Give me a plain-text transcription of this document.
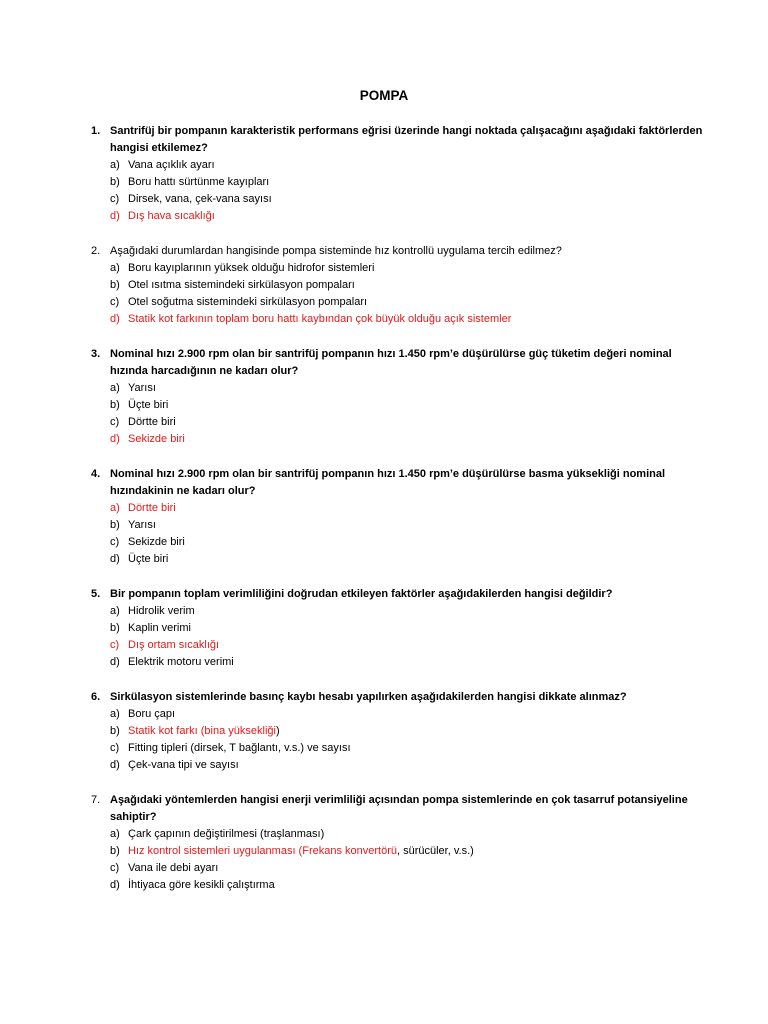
POMPA
1. Santrifüj bir pompanın karakteristik performans eğrisi üzerinde hangi noktada çalışacağını aşağıdaki faktörlerden hangisi etkilemez?
a) Vana açıklık ayarı
b) Boru hattı sürtünme kayıpları
c) Dirsek, vana, çek-vana sayısı
d) Dış hava sıcaklığı
2. Aşağıdaki durumlardan hangisinde pompa sisteminde hız kontrollü uygulama tercih edilmez?
a) Boru kayıplarının yüksek olduğu hidrofor sistemleri
b) Otel ısıtma sistemindeki sirkülasyon pompaları
c) Otel soğutma sistemindeki sirkülasyon pompaları
d) Statik kot farkının toplam boru hattı kaybından çok büyük olduğu açık sistemler
3. Nominal hızı 2.900 rpm olan bir santrifüj pompanın hızı 1.450 rpm’e düşürülürse güç tüketim değeri nominal hızında harcadığının ne kadarı olur?
a) Yarısı
b) Üçte biri
c) Dörtte biri
d) Sekizde biri
4. Nominal hızı 2.900 rpm olan bir santrifüj pompanın hızı 1.450 rpm’e düşürülürse basma yüksekliği nominal hızındakinin ne kadarı olur?
a) Dörtte biri
b) Yarısı
c) Sekizde biri
d) Üçte biri
5. Bir pompanın toplam verimliliğini doğrudan etkileyen faktörler aşağıdakilerden hangisi değildir?
a) Hidrolik verim
b) Kaplin verimi
c) Dış ortam sıcaklığı
d) Elektrik motoru verimi
6. Sirkülasyon sistemlerinde basınç kaybı hesabı yapılırken aşağıdakilerden hangisi dikkate alınmaz?
a) Boru çapı
b) Statik kot farkı (bina yüksekliği)
c) Fitting tipleri (dirsek, T bağlantı, v.s.) ve sayısı
d) Çek-vana tipi ve sayısı
7. Aşağıdaki yöntemlerden hangisi enerji verimliliği açısından pompa sistemlerinde en çok tasarruf potansiyeline sahiptir?
a) Çark çapının değiştirilmesi (traşlanması)
b) Hız kontrol sistemleri uygulanması (Frekans konvertörü, sürücüler, v.s.)
c) Vana ile debi ayarı
d) İhtiyaca göre kesikli çalıştırma
